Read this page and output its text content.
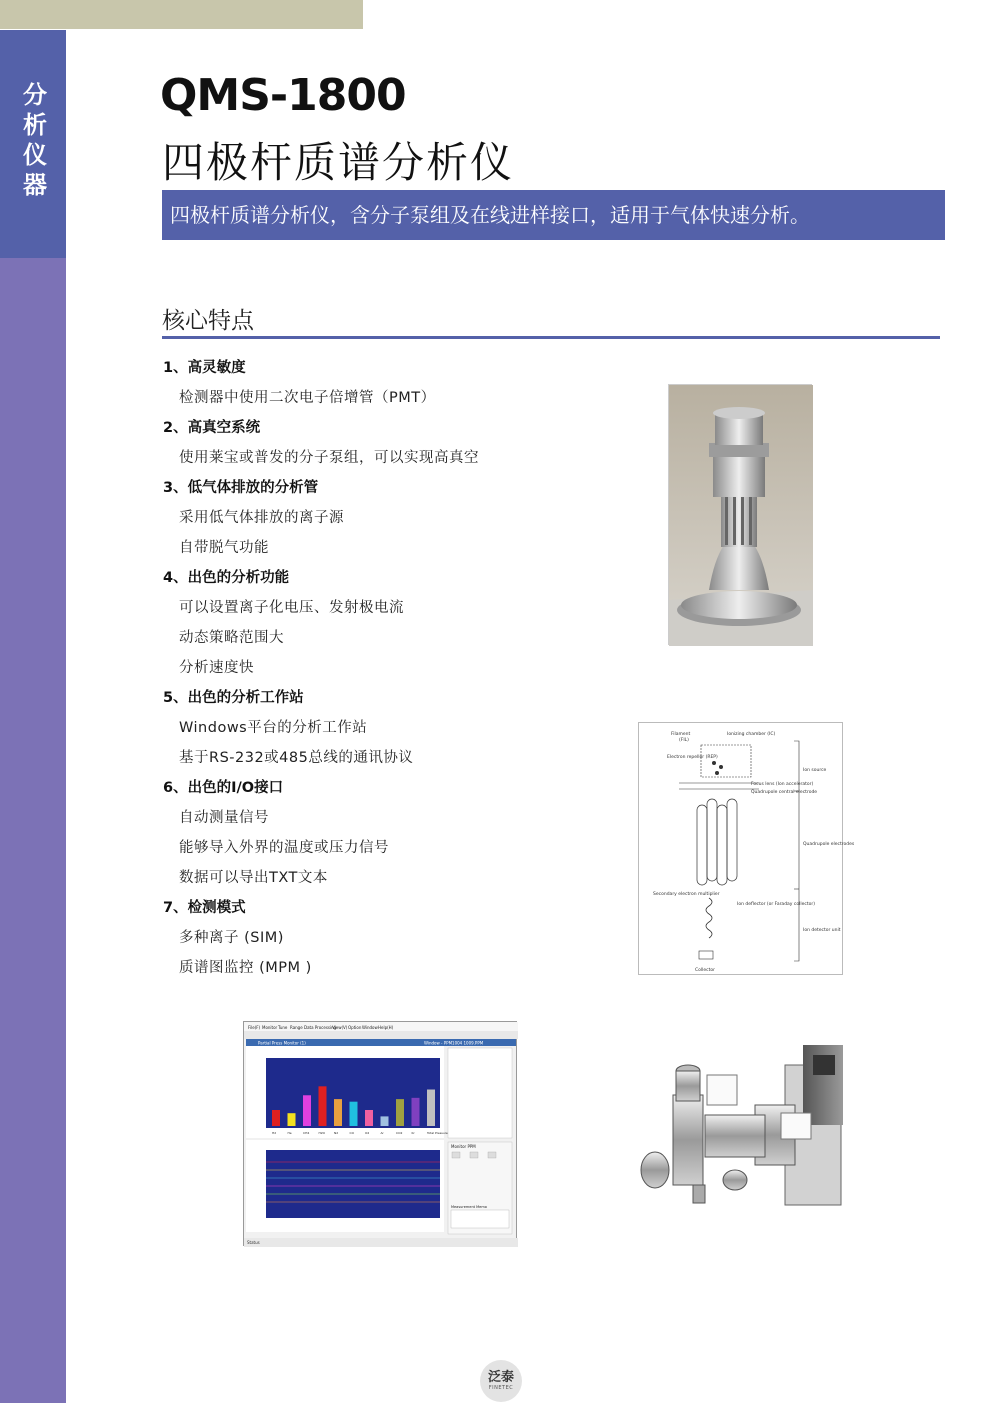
分析仪器	QMS-1800
四极杆质谱分析仪
四极杆质谱分析仪，含分子泵组及在线进样接口，适用于气体快速分析。
核心特点
1、高灵敏度
检测器中使用二次电子倍增管（PMT）
2、高真空系统
使用莱宝或普发的分子泵组，可以实现高真空
3、低气体排放的分析管
采用低气体排放的离子源
自带脱气功能
4、出色的分析功能
可以设置离子化电压、发射极电流
动态策略范围大
分析速度快
5、出色的分析工作站
Windows平台的分析工作站
基于RS-232或485总线的通讯协议
6、出色的I/O接口
自动测量信号
能够导入外界的温度或压力信号
数据可以导出TXT文本
7、检测模式
多种离子 (SIM)
质谱图监控 (MPM )
Filament
(FIL)
Ionizing chamber (IC)
Electron repeller (REP)
Focus lens (Ion accelerator)
Quadrupole central electrode
Ion source
Quadrupole electrodes
Secondary electron multiplier
Ion deflector (or Faraday collector)
Ion detector unit
Collector
File(F) Monitor Tune Range Data Processing
View(V) Option Window Help(H)
Partial Press Monitor (1)	Window - PPM1004 1009.PPM
H2	He	CH4	H2O	N2	CO	O2	Ar	CO2	Kr	Total Pressure
Monitor PPM
Measurement Memo
Status
泛泰
FINETEC
